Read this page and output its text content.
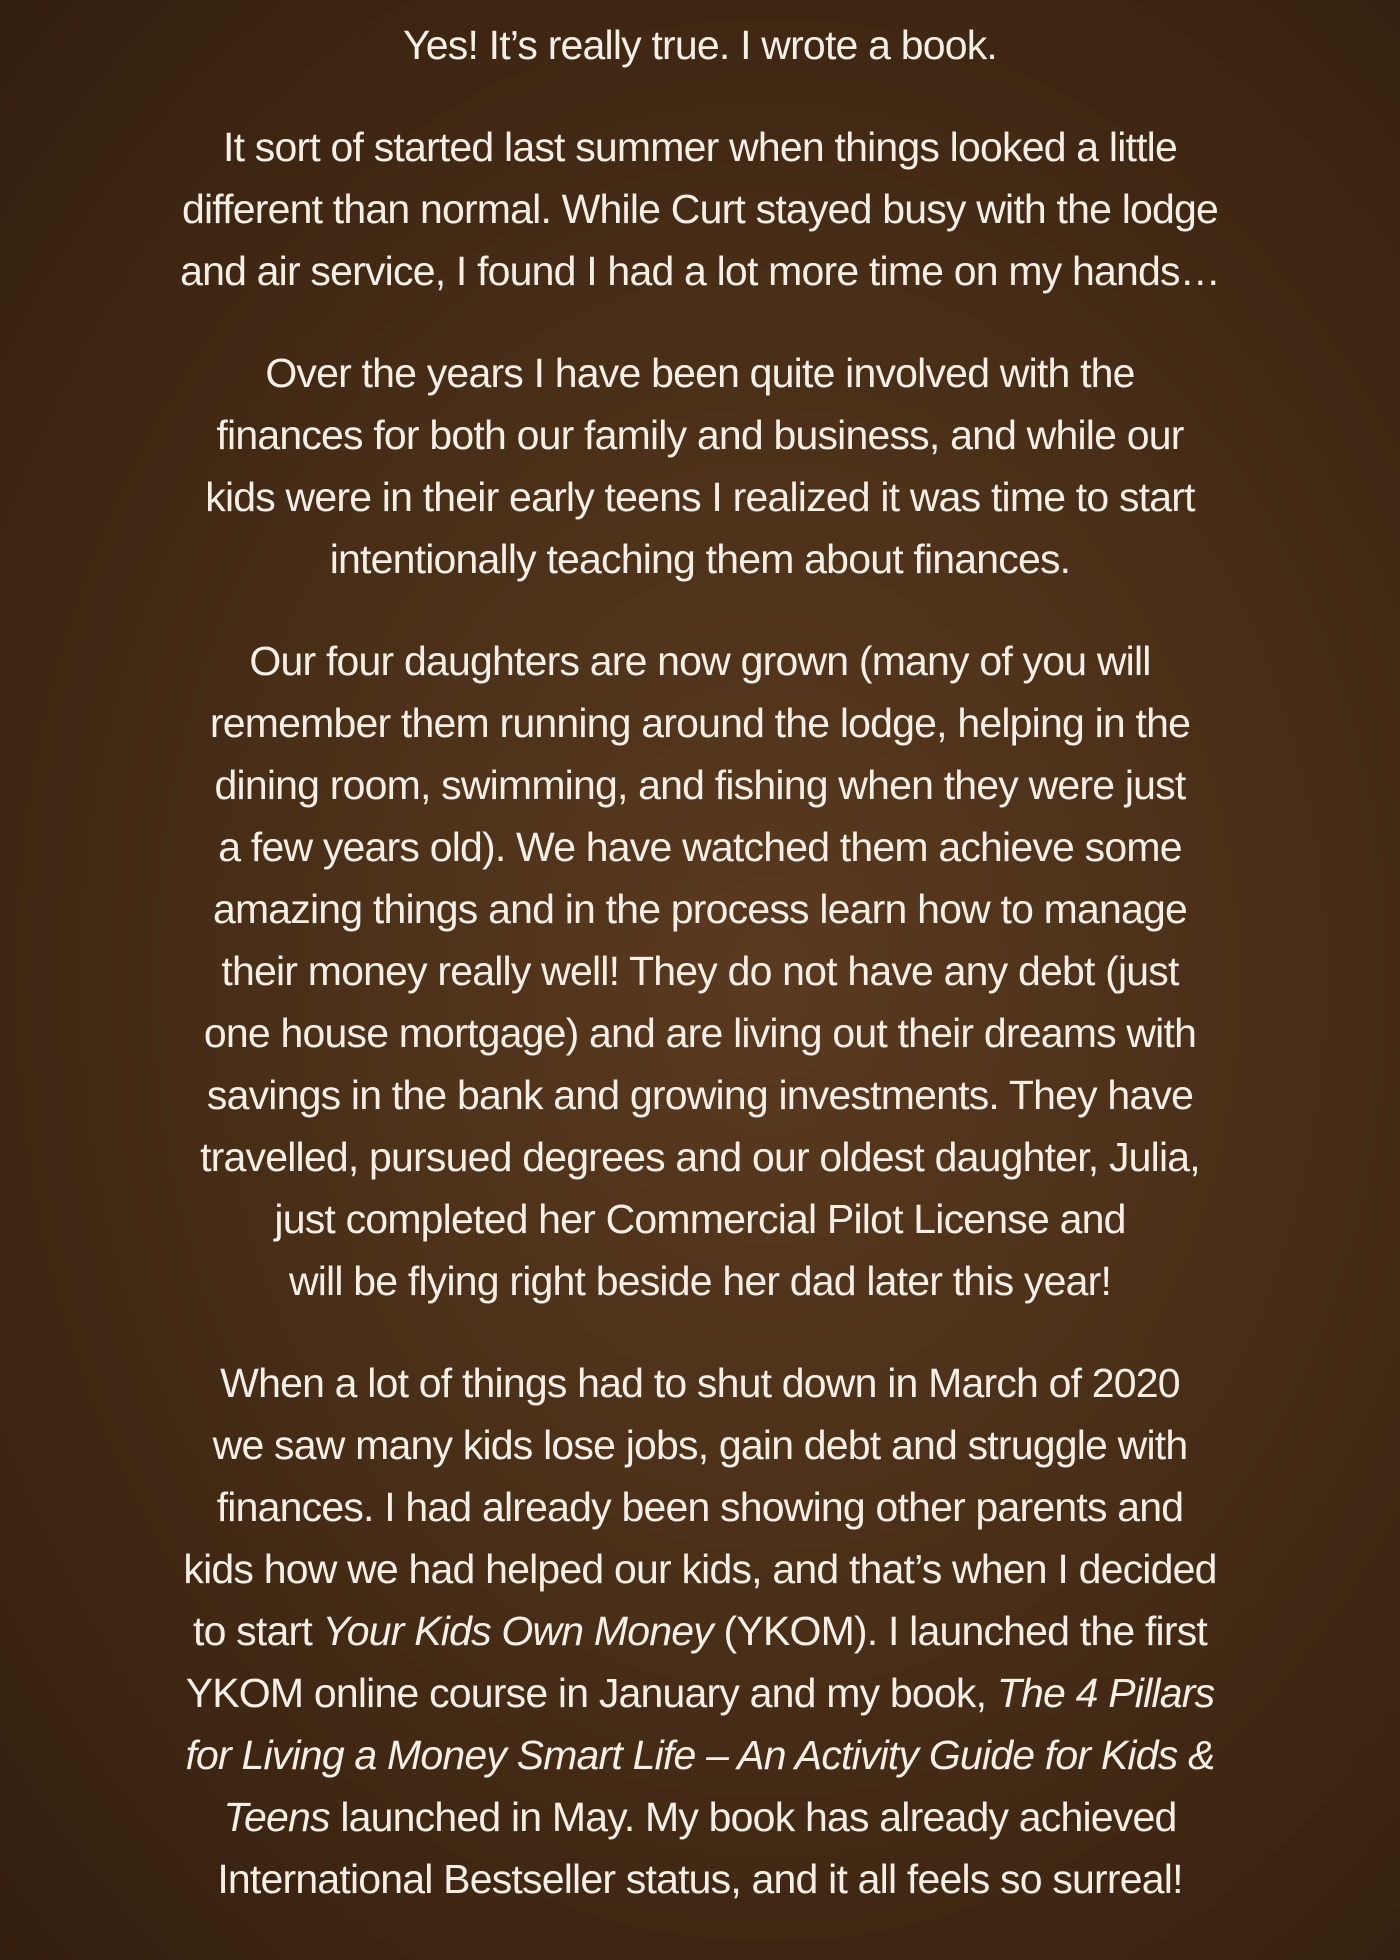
Yes! It’s really true. I wrote a book.

It sort of started last summer when things looked a little
different than normal. While Curt stayed busy with the lodge
and air service, I found I had a lot more time on my hands…

Over the years I have been quite involved with the
finances for both our family and business, and while our
kids were in their early teens I realized it was time to start
intentionally teaching them about finances.

Our four daughters are now grown (many of you will
remember them running around the lodge, helping in the
dining room, swimming, and fishing when they were just
a few years old). We have watched them achieve some
amazing things and in the process learn how to manage
their money really well! They do not have any debt (just
one house mortgage) and are living out their dreams with
savings in the bank and growing investments. They have
travelled, pursued degrees and our oldest daughter, Julia,
just completed her Commercial Pilot License and
will be flying right beside her dad later this year!

When a lot of things had to shut down in March of 2020
we saw many kids lose jobs, gain debt and struggle with
finances. I had already been showing other parents and
kids how we had helped our kids, and that’s when I decided
to start Your Kids Own Money (YKOM). I launched the first
YKOM online course in January and my book, The 4 Pillars
for Living a Money Smart Life – An Activity Guide for Kids &
Teens launched in May. My book has already achieved
International Bestseller status, and it all feels so surreal!
